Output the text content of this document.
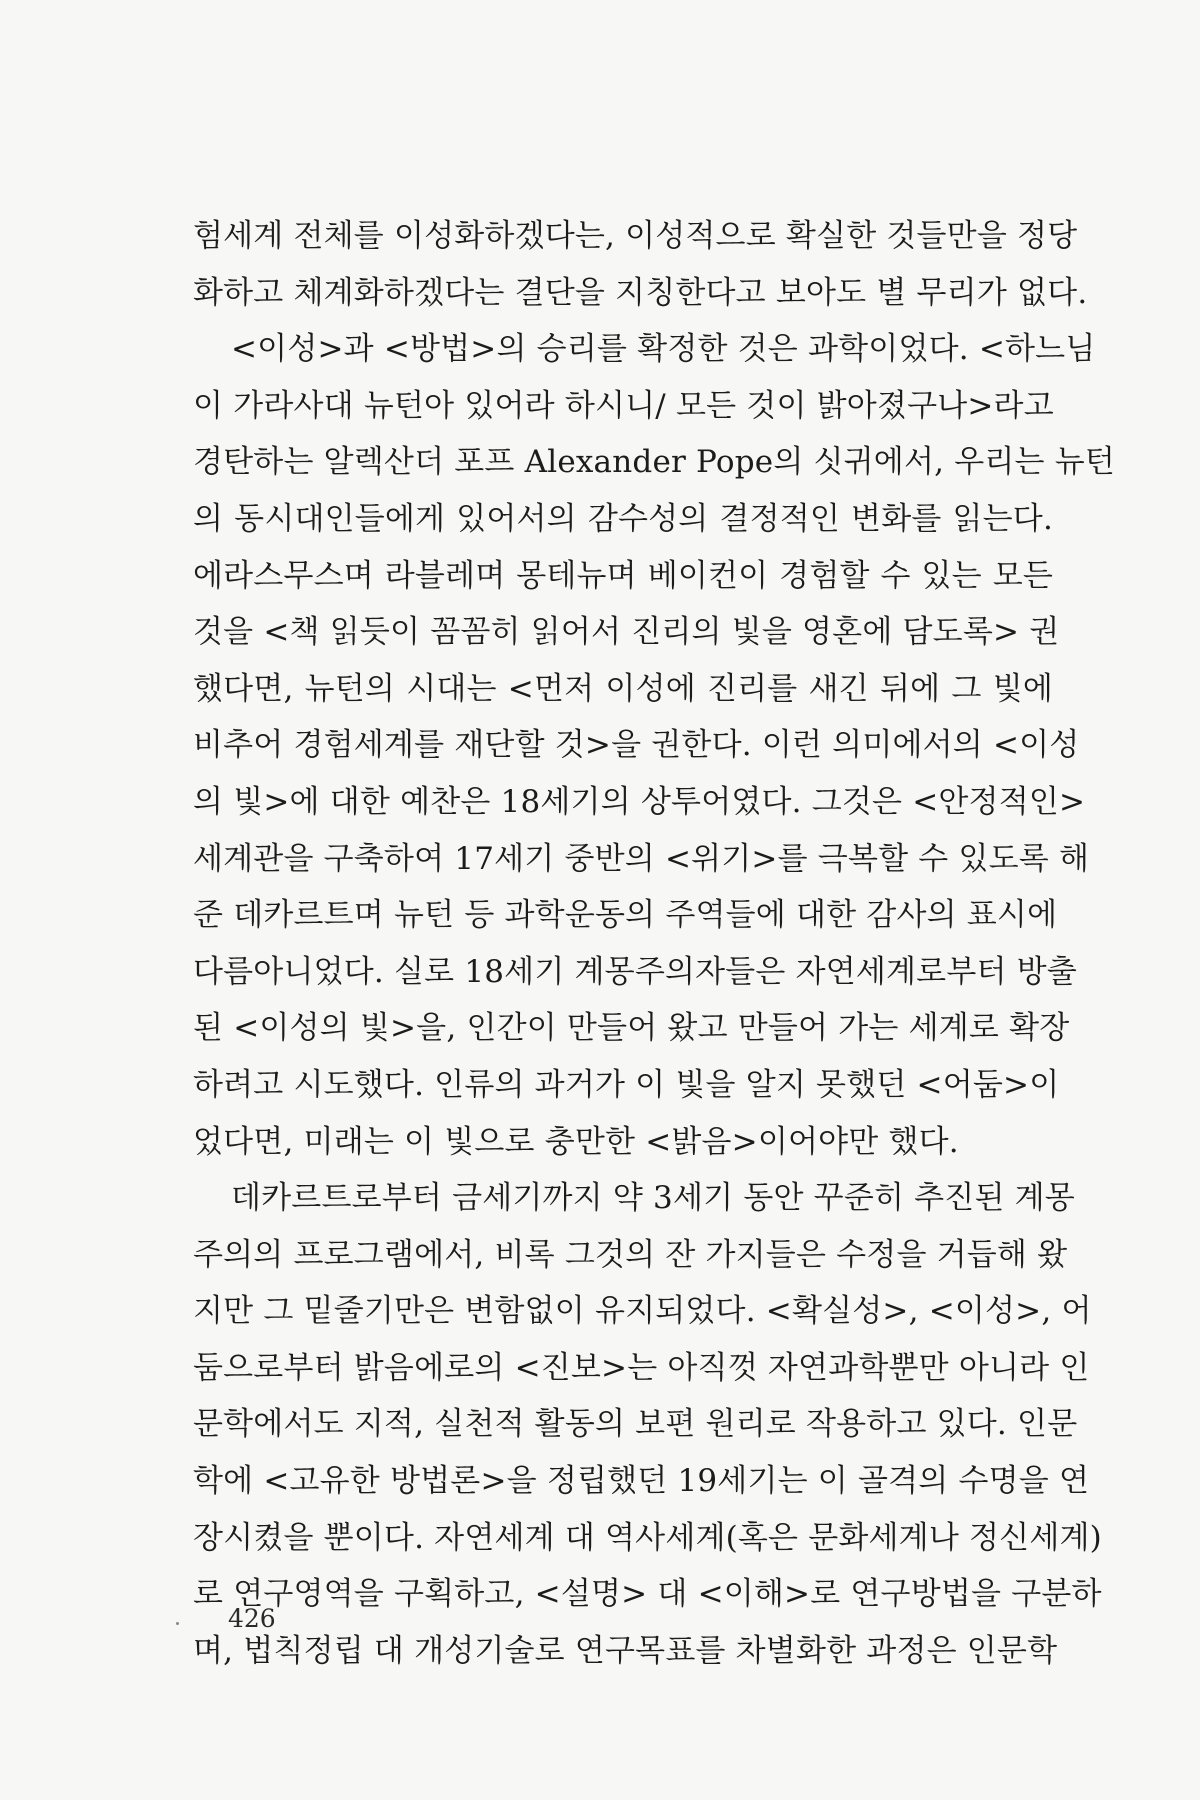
험세계 전체를 이성화하겠다는, 이성적으로 확실한 것들만을 정당
화하고 체계화하겠다는 결단을 지칭한다고 보아도 별 무리가 없다.
<이성>과 <방법>의 승리를 확정한 것은 과학이었다. <하느님
이 가라사대 뉴턴아 있어라 하시니/ 모든 것이 밝아졌구나>라고
경탄하는 알렉산더 포프 Alexander Pope의 싯귀에서, 우리는 뉴턴
의 동시대인들에게 있어서의 감수성의 결정적인 변화를 읽는다.
에라스무스며 라블레며 몽테뉴며 베이컨이 경험할 수 있는 모든
것을 <책 읽듯이 꼼꼼히 읽어서 진리의 빛을 영혼에 담도록> 권
했다면, 뉴턴의 시대는 <먼저 이성에 진리를 새긴 뒤에 그 빛에
비추어 경험세계를 재단할 것>을 권한다. 이런 의미에서의 <이성
의 빛>에 대한 예찬은 18세기의 상투어였다. 그것은 <안정적인>
세계관을 구축하여 17세기 중반의 <위기>를 극복할 수 있도록 해
준 데카르트며 뉴턴 등 과학운동의 주역들에 대한 감사의 표시에
다름아니었다. 실로 18세기 계몽주의자들은 자연세계로부터 방출
된 <이성의 빛>을, 인간이 만들어 왔고 만들어 가는 세계로 확장
하려고 시도했다. 인류의 과거가 이 빛을 알지 못했던 <어둠>이
었다면, 미래는 이 빛으로 충만한 <밝음>이어야만 했다.
데카르트로부터 금세기까지 약 3세기 동안 꾸준히 추진된 계몽
주의의 프로그램에서, 비록 그것의 잔 가지들은 수정을 거듭해 왔
지만 그 밑줄기만은 변함없이 유지되었다. <확실성>, <이성>, 어
둠으로부터 밝음에로의 <진보>는 아직껏 자연과학뿐만 아니라 인
문학에서도 지적, 실천적 활동의 보편 원리로 작용하고 있다. 인문
학에 <고유한 방법론>을 정립했던 19세기는 이 골격의 수명을 연
장시켰을 뿐이다. 자연세계 대 역사세계(혹은 문화세계나 정신세계)
로 연구영역을 구획하고, <설명> 대 <이해>로 연구방법을 구분하
며, 법칙정립 대 개성기술로 연구목표를 차별화한 과정은 인문학
426
